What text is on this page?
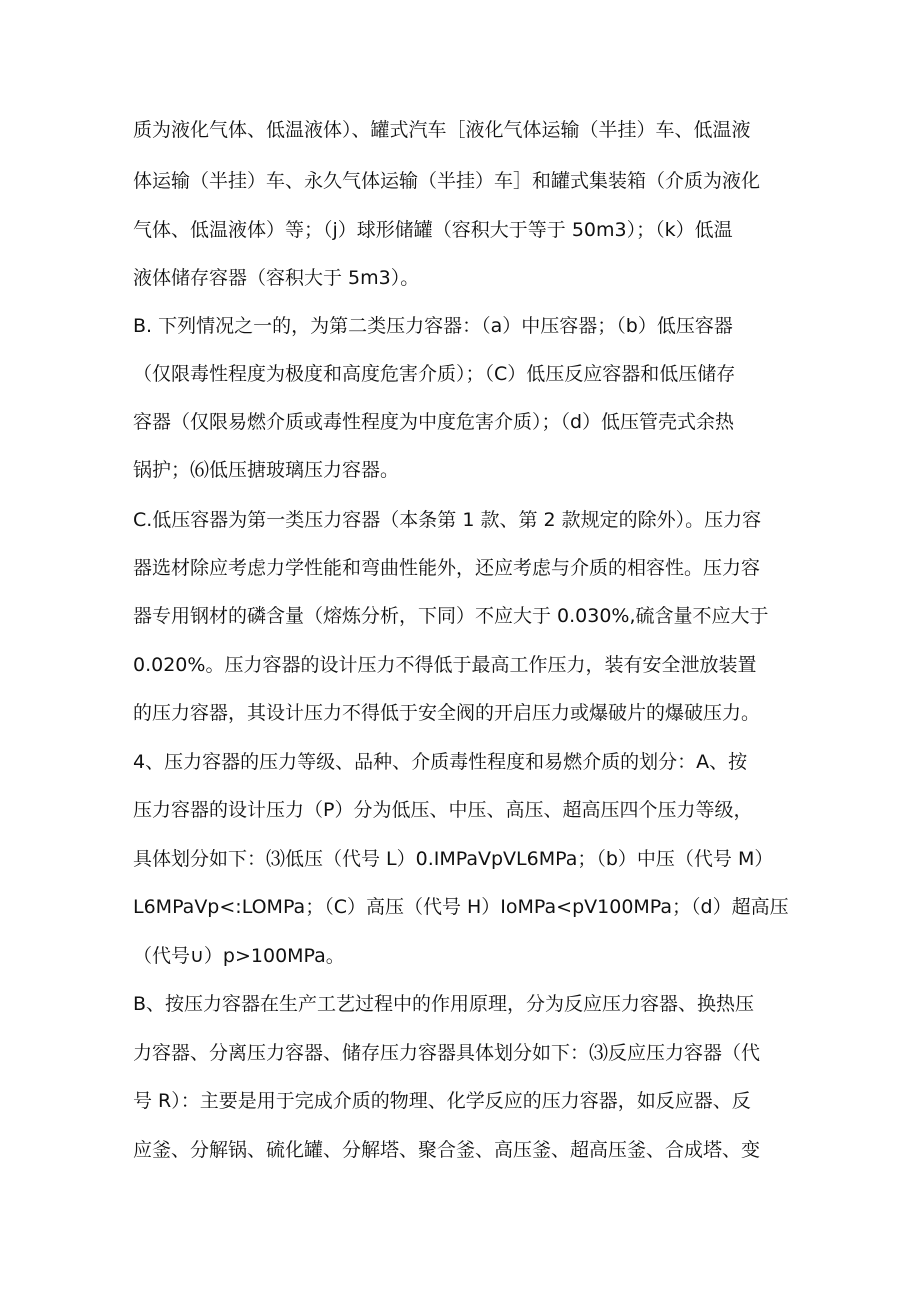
质为液化气体、低温液体）、罐式汽车［液化气体运输（半挂）车、低温液
体运输（半挂）车、永久气体运输（半挂）车］和罐式集装箱（介质为液化
气体、低温液体）等；（j）球形储罐（容积大于等于 50m3）；（k）低温
液体储存容器（容积大于 5m3）。
B. 下列情况之一的，为第二类压力容器：（a）中压容器；（b）低压容器
（仅限毒性程度为极度和高度危害介质）；（C）低压反应容器和低压储存
容器（仅限易燃介质或毒性程度为中度危害介质）；（d）低压管壳式余热
锅护；⑹低压搪玻璃压力容器。
C.低压容器为第一类压力容器（本条第 1 款、第 2 款规定的除外）。压力容
器选材除应考虑力学性能和弯曲性能外，还应考虑与介质的相容性。压力容
器专用钢材的磷含量（熔炼分析，下同）不应大于 0.030%,硫含量不应大于
0.020%。压力容器的设计压力不得低于最高工作压力，装有安全泄放装置
的压力容器，其设计压力不得低于安全阀的开启压力或爆破片的爆破压力。
4、压力容器的压力等级、品种、介质毒性程度和易燃介质的划分：A、按
压力容器的设计压力（P）分为低压、中压、高压、超高压四个压力等级，
具体划分如下：⑶低压（代号 L）0.IMPaVpVL6MPa；（b）中压（代号 M）
L6MPaVp<:LOMPa；（C）高压（代号 H）IoMPa<pV100MPa；（d）超高压
（代号∪）p>100MPa。
B、按压力容器在生产工艺过程中的作用原理，分为反应压力容器、换热压
力容器、分离压力容器、储存压力容器具体划分如下：⑶反应压力容器（代
号 R）：主要是用于完成介质的物理、化学反应的压力容器，如反应器、反
应釜、分解锅、硫化罐、分解塔、聚合釜、高压釜、超高压釜、合成塔、变
